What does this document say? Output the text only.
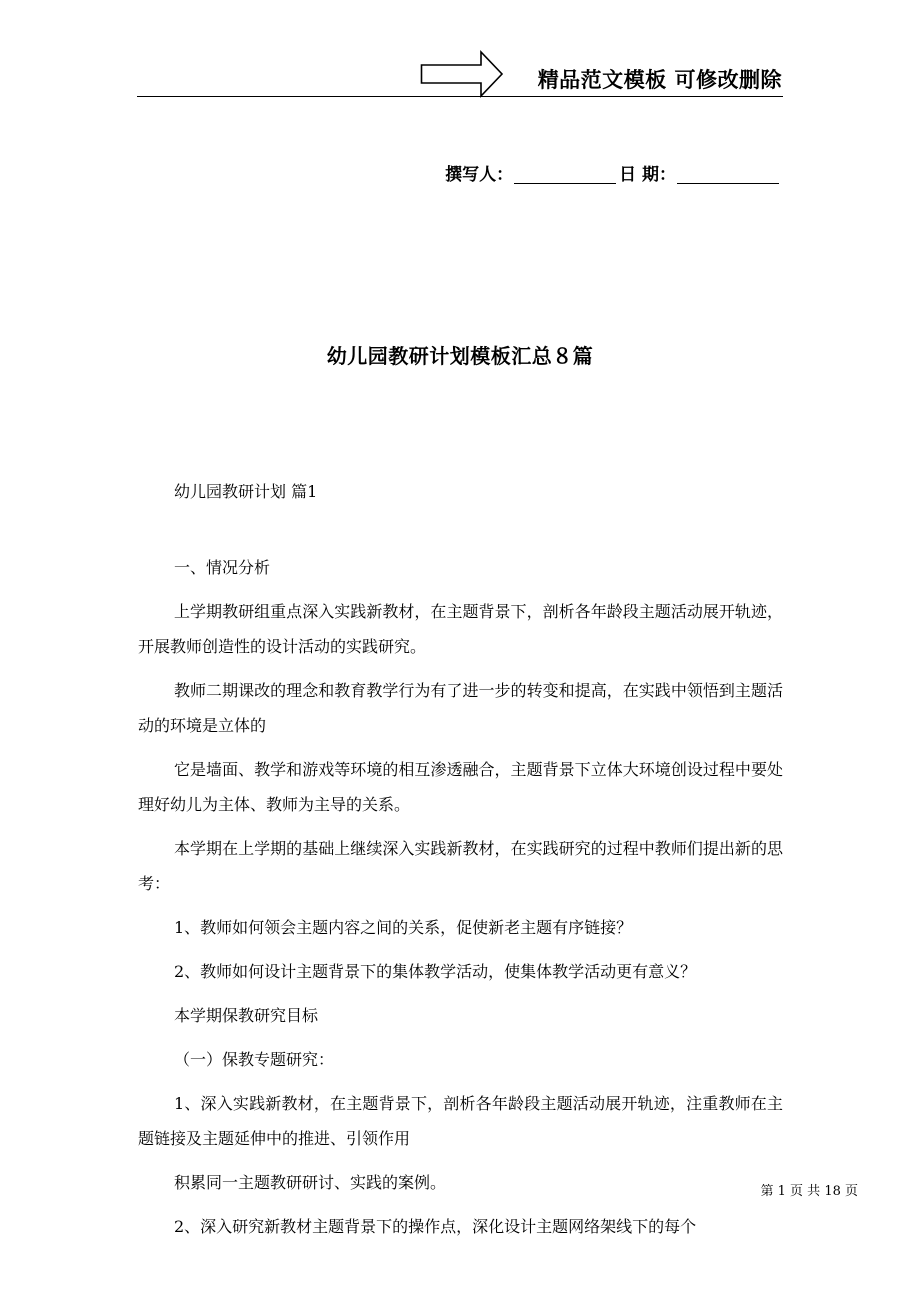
精品范文模板 可修改删除
撰写人：	日 期：
幼儿园教研计划模板汇总８篇
幼儿园教研计划 篇1

一、情况分析

上学期教研组重点深入实践新教材，在主题背景下，剖析各年龄段主题活动展开轨迹，开展教师创造性的设计活动的实践研究。

教师二期课改的理念和教育教学行为有了进一步的转变和提高，在实践中领悟到主题活动的环境是立体的

它是墙面、教学和游戏等环境的相互渗透融合，主题背景下立体大环境创设过程中要处理好幼儿为主体、教师为主导的关系。

本学期在上学期的基础上继续深入实践新教材，在实践研究的过程中教师们提出新的思考：

1、教师如何领会主题内容之间的关系，促使新老主题有序链接？

2、教师如何设计主题背景下的集体教学活动，使集体教学活动更有意义？

本学期保教研究目标

（一）保教专题研究：

1、深入实践新教材，在主题背景下，剖析各年龄段主题活动展开轨迹，注重教师在主题链接及主题延伸中的推进、引领作用

积累同一主题教研研讨、实践的案例。

2、深入研究新教材主题背景下的操作点，深化设计主题网络架线下的每个

第 1 页 共 18 页
